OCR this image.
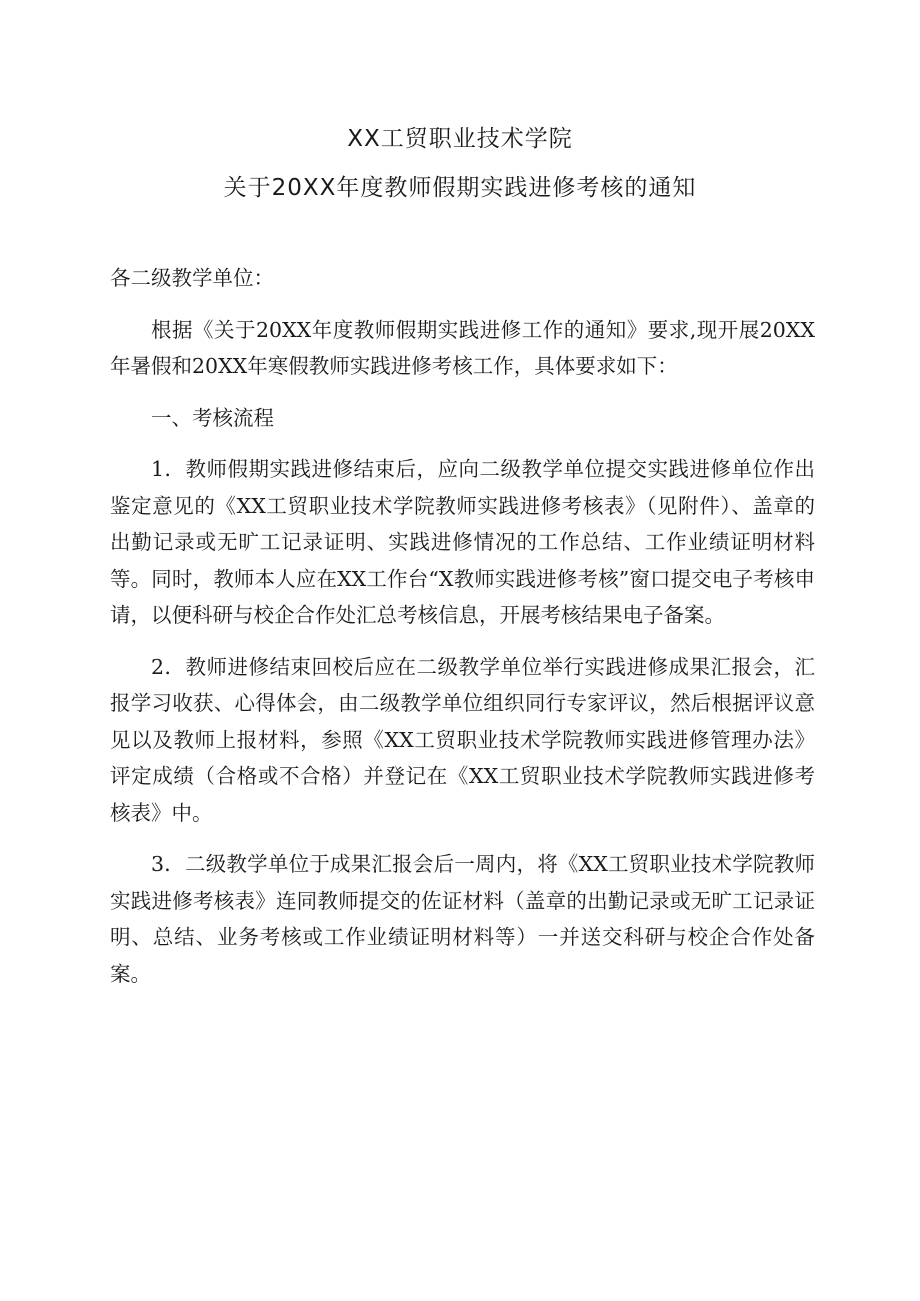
XX工贸职业技术学院
关于20XX年度教师假期实践进修考核的通知

各二级教学单位：

根据《关于20XX年度教师假期实践进修工作的通知》要求,现开展20XX年暑假和20XX年寒假教师实践进修考核工作，具体要求如下：

一、考核流程

1．教师假期实践进修结束后，应向二级教学单位提交实践进修单位作出鉴定意见的《XX工贸职业技术学院教师实践进修考核表》（见附件）、盖章的出勤记录或无旷工记录证明、实践进修情况的工作总结、工作业绩证明材料等。同时，教师本人应在XX工作台“X教师实践进修考核”窗口提交电子考核申请，以便科研与校企合作处汇总考核信息，开展考核结果电子备案。

2．教师进修结束回校后应在二级教学单位举行实践进修成果汇报会，汇报学习收获、心得体会，由二级教学单位组织同行专家评议，然后根据评议意见以及教师上报材料，参照《XX工贸职业技术学院教师实践进修管理办法》评定成绩（合格或不合格）并登记在《XX工贸职业技术学院教师实践进修考核表》中。

3．二级教学单位于成果汇报会后一周内，将《XX工贸职业技术学院教师实践进修考核表》连同教师提交的佐证材料（盖章的出勤记录或无旷工记录证明、总结、业务考核或工作业绩证明材料等）一并送交科研与校企合作处备案。
